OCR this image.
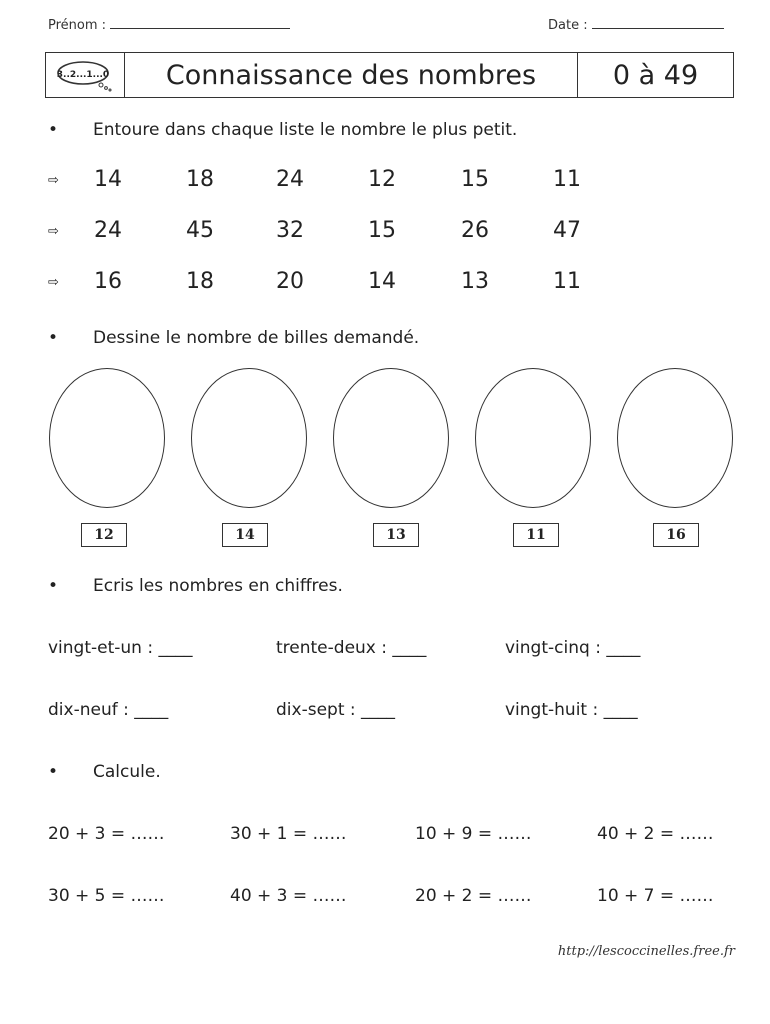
Prénom :	Date :
3..2...1...0	Connaissance des nombres	0 à 49
• Entoure dans chaque liste le nombre le plus petit.
⇨ 14	18	24	12	15	11
⇨ 24	45	32	15	26	47
⇨ 16	18	20	14	13	11
• Dessine le nombre de billes demandé.
12	14	13	11	16
• Ecris les nombres en chiffres.
vingt-et-un : ____	trente-deux : ____	vingt-cinq : ____
dix-neuf : ____	dix-sept : ____	vingt-huit : ____
• Calcule.
20 + 3 = ……	30 + 1 = ……	10 + 9 = ……	40 + 2 = ……
30 + 5 = ……	40 + 3 = ……	20 + 2 = ……	10 + 7 = ……
http://lescoccinelles.free.fr
